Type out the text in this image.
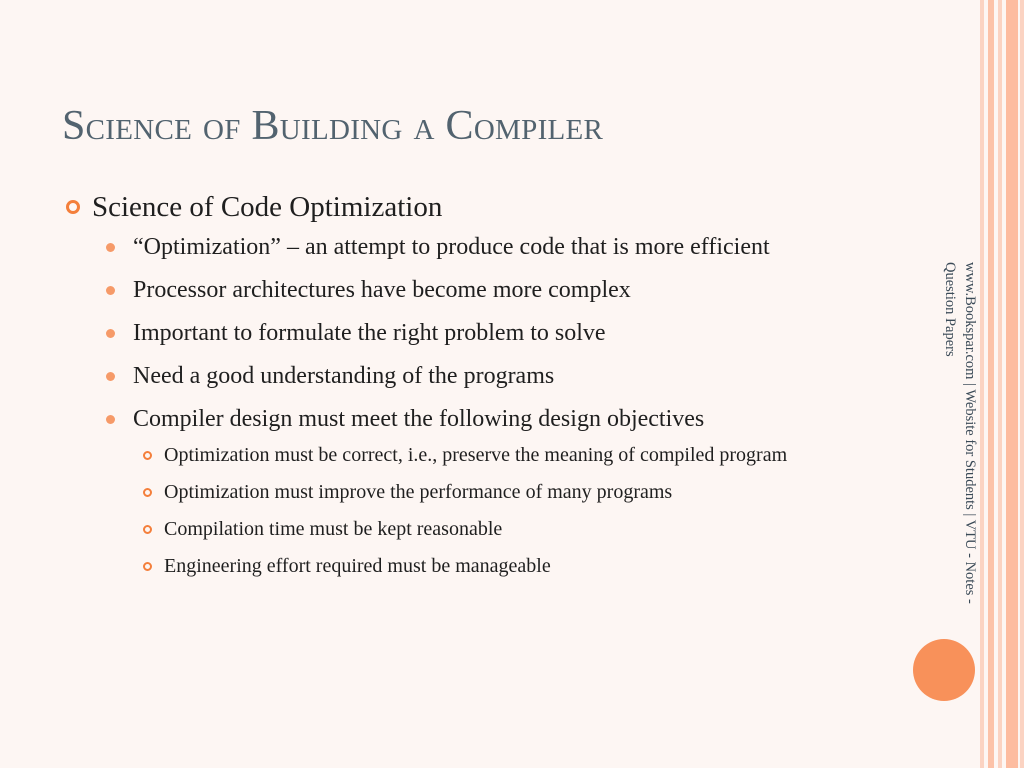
Science of Building a Compiler
Science of Code Optimization
“Optimization” – an attempt to produce code that is more efficient
Processor architectures have become more complex
Important to formulate the right problem to solve
Need a good understanding of the programs
Compiler design must meet the following design objectives
Optimization must be correct, i.e., preserve the meaning of compiled program
Optimization must improve the performance of many programs
Compilation time must be kept reasonable
Engineering effort required must be manageable	www.Bookspar.com | Website for Students | VTU - Notes - Question Papers
